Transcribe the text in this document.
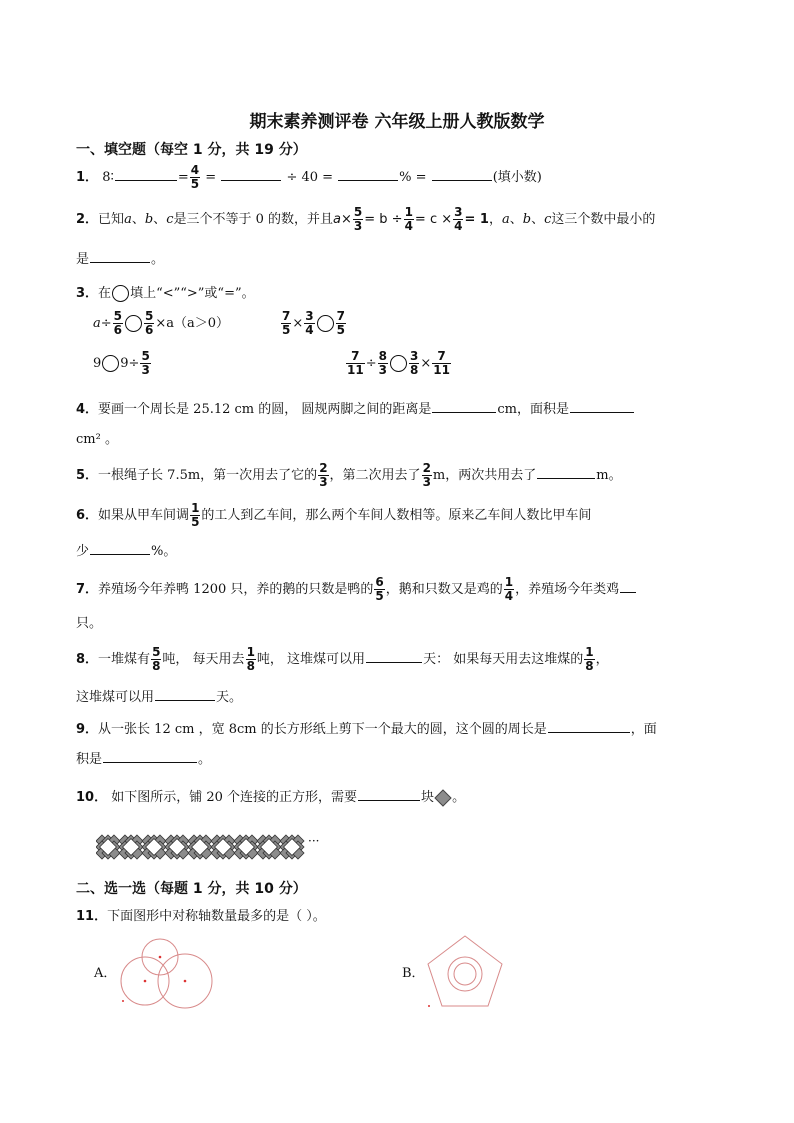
期末素养测评卷 六年级上册人教版数学
一、填空题（每空 1 分，共 19 分）
1． 8∶	= $\frac{4}{5}$ =	÷ 40 =	% =	(填小数)
2．已知a、b、c是三个不等于 0 的数，并且$a\times \frac{5}{3} = b \div \frac{1}{4} = c \times \frac{3}{4} = 1$，a、b、c这三个数中最小的
是	。
3．在 填上“<”“>”或“=”。
$a\div \frac{5}{6} \frac{5}{6} \times a(a>0)$	$\frac{7}{5} \times \frac{3}{4} \frac{7}{5}$
9 $9\div \frac{5}{3}$	$\frac{7}{11} \div \frac{8}{3} \frac{3}{8} \times \frac{7}{11}$
4．要画一个周长是 25.12 cm 的圆， 圆规两脚之间的距离是	cm，面积是
cm² 。
5．一根绳子长 7.5m，第一次用去了它的 $\frac{2}{3}$ ，第二次用去了 $\frac{2}{3}$ m，两次共用去了	m。
6．如果从甲车间调 $\frac{1}{5}$ 的工人到乙车间，那么两个车间人数相等。原来乙车间人数比甲车间
少	%。
7．养殖场今年养鸭 1200 只，养的鹅的只数是鸭的 $\frac{6}{5}$ ，鹅和只数又是鸡的 $\frac{1}{4}$ ，养殖场今年类鸡
只。
8．一堆煤有 $\frac{5}{8}$ 吨， 每天用去 $\frac{1}{8}$ 吨， 这堆煤可以用	天： 如果每天用去这堆煤的 $\frac{1}{8}$ ，
这堆煤可以用	天。
9．从一张长 12 cm ，宽 8cm 的长方形纸上剪下一个最大的圆，这个圆的周长是	，面
积是	。
10． 如下图所示，铺 20 个连接的正方形，需要	块 。
···
二、选一选（每题 1 分，共 10 分）
11．下面图形中对称轴数量最多的是（ ）。
A．	B．
